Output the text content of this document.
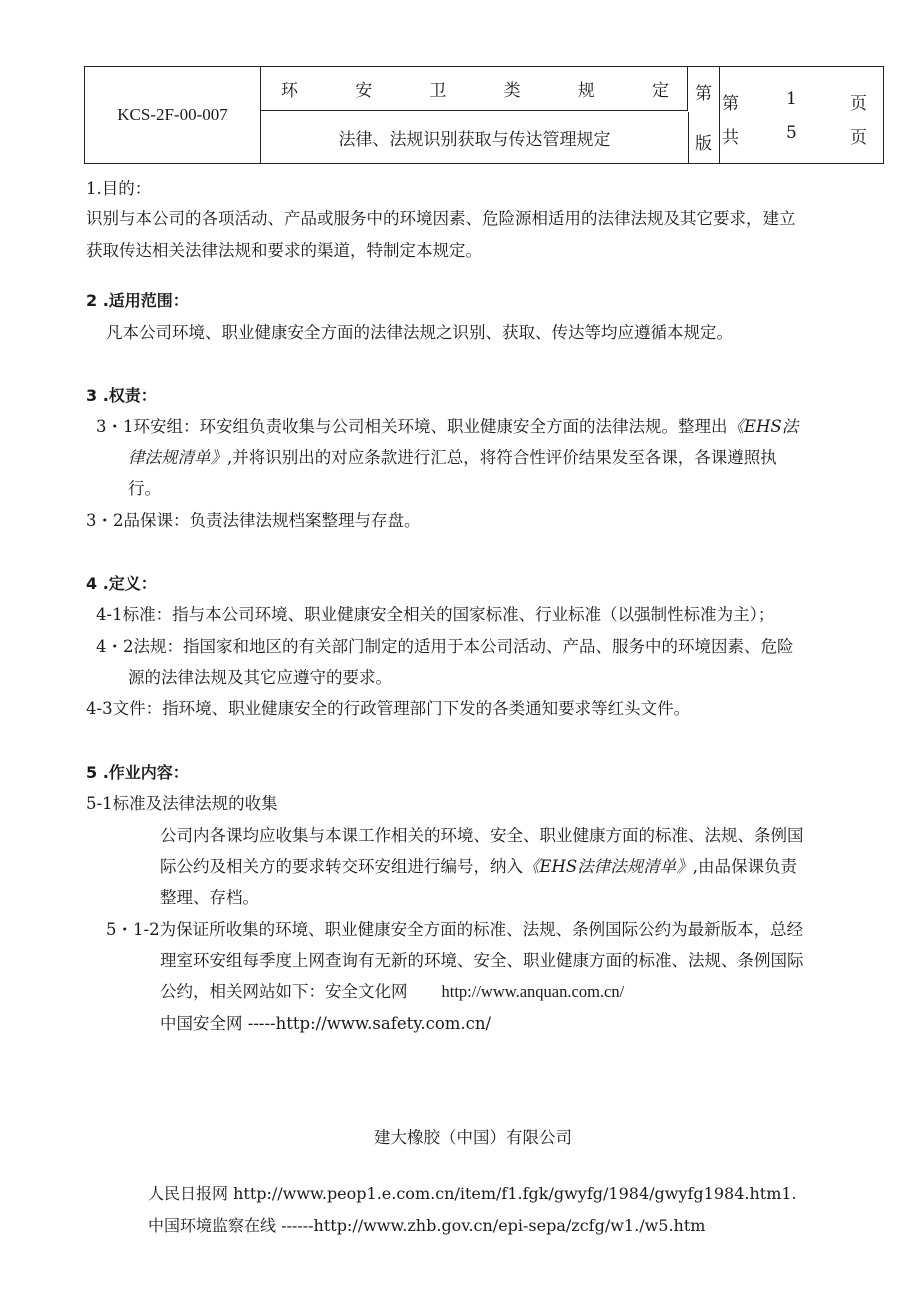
KCS-2F-00-007
环	安	卫	类	规	定
法律、法规识别获取与传达管理规定
第
版
第	1	页
共	5	页
1.目的：
识别与本公司的各项活动、产品或服务中的环境因素、危险源相适用的法律法规及其它要求，建立
获取传达相关法律法规和要求的渠道，特制定本规定。
2 .适用范围：
凡本公司环境、职业健康安全方面的法律法规之识别、获取、传达等均应遵循本规定。
3 .权责：
3・1环安组：环安组负责收集与公司相关环境、职业健康安全方面的法律法规。整理出《EHS法
律法规清单》,并将识别出的对应条款进行汇总，将符合性评价结果发至各课，各课遵照执
行。
3・2品保课：负责法律法规档案整理与存盘。
4 .定义：
4-1标准：指与本公司环境、职业健康安全相关的国家标准、行业标准（以强制性标准为主）；
4・2法规：指国家和地区的有关部门制定的适用于本公司活动、产品、服务中的环境因素、危险
源的法律法规及其它应遵守的要求。
4-3文件：指环境、职业健康安全的行政管理部门下发的各类通知要求等红头文件。
5 .作业内容：
5-1标准及法律法规的收集
公司内各课均应收集与本课工作相关的环境、安全、职业健康方面的标准、法规、条例国
际公约及相关方的要求转交环安组进行编号，纳入《EHS法律法规清单》,由品保课负责
整理、存档。
5・1-2为保证所收集的环境、职业健康安全方面的标准、法规、条例国际公约为最新版本，总经
理室环安组每季度上网查询有无新的环境、安全、职业健康方面的标准、法规、条例国际
公约，相关网站如下：安全文化网 http://www.anquan.com.cn/
中国安全网 -----http://www.safety.com.cn/
建大橡胶（中国）有限公司
人民日报网 http://www.peop1.e.com.cn/item/f1.fgk/gwyfg/1984/gwyfg1984.htm1.
中国环境监察在线 ------http://www.zhb.gov.cn/epi-sepa/zcfg/w1./w5.htm
